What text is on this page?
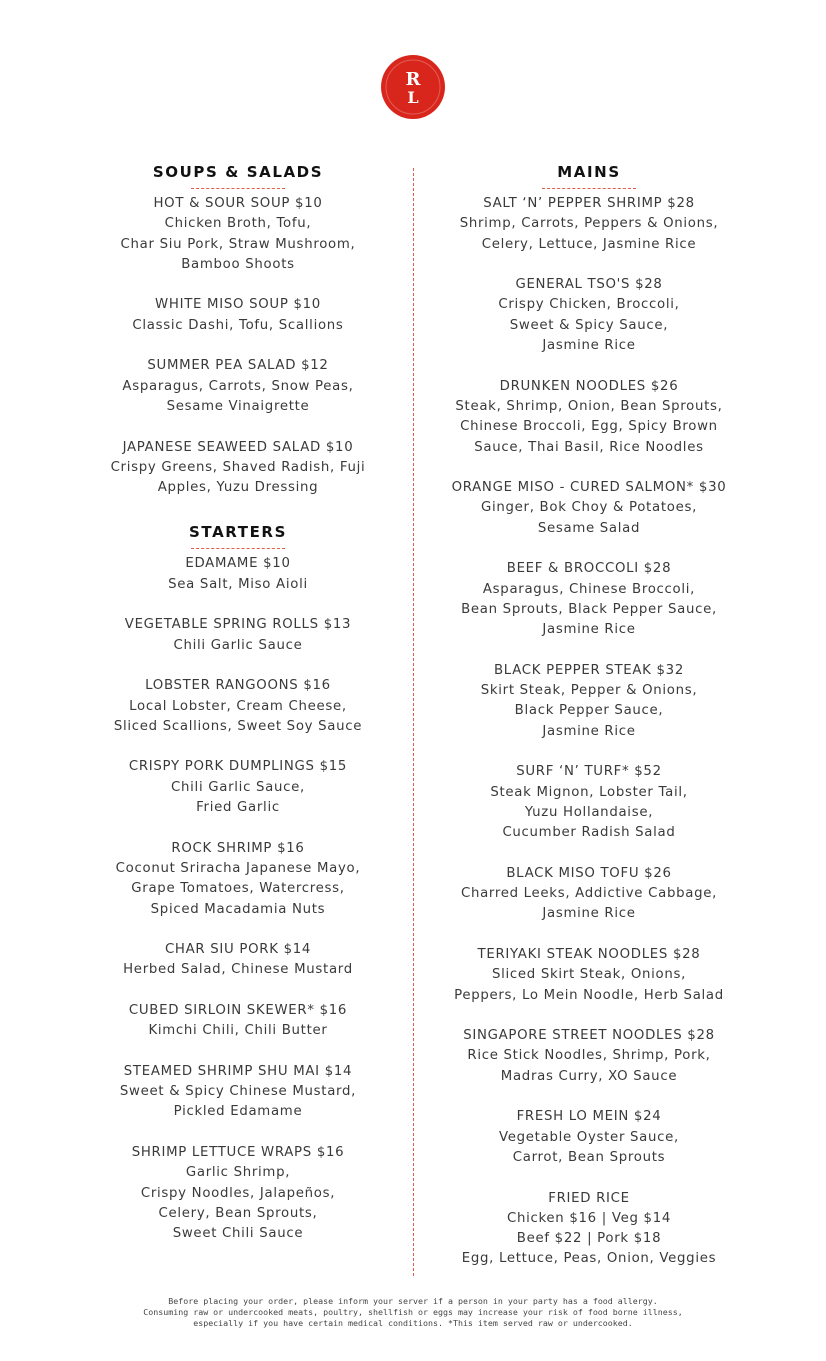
R
L
SOUPS & SALADS
HOT & SOUR SOUP $10
Chicken Broth, Tofu,
Char Siu Pork, Straw Mushroom,
Bamboo Shoots
WHITE MISO SOUP $10
Classic Dashi, Tofu, Scallions
SUMMER PEA SALAD $12
Asparagus, Carrots, Snow Peas,
Sesame Vinaigrette
JAPANESE SEAWEED SALAD $10
Crispy Greens, Shaved Radish, Fuji
Apples, Yuzu Dressing
STARTERS
EDAMAME $10
Sea Salt, Miso Aioli
VEGETABLE SPRING ROLLS $13
Chili Garlic Sauce
LOBSTER RANGOONS $16
Local Lobster, Cream Cheese,
Sliced Scallions, Sweet Soy Sauce
CRISPY PORK DUMPLINGS $15
Chili Garlic Sauce,
Fried Garlic
ROCK SHRIMP $16
Coconut Sriracha Japanese Mayo,
Grape Tomatoes, Watercress,
Spiced Macadamia Nuts
CHAR SIU PORK $14
Herbed Salad, Chinese Mustard
CUBED SIRLOIN SKEWER* $16
Kimchi Chili, Chili Butter
STEAMED SHRIMP SHU MAI $14
Sweet & Spicy Chinese Mustard,
Pickled Edamame
SHRIMP LETTUCE WRAPS $16
Garlic Shrimp,
Crispy Noodles, Jalapeños,
Celery, Bean Sprouts,
Sweet Chili Sauce
MAINS
SALT ‘N’ PEPPER SHRIMP $28
Shrimp, Carrots, Peppers & Onions,
Celery, Lettuce, Jasmine Rice
GENERAL TSO'S $28
Crispy Chicken, Broccoli,
Sweet & Spicy Sauce,
Jasmine Rice
DRUNKEN NOODLES $26
Steak, Shrimp, Onion, Bean Sprouts,
Chinese Broccoli, Egg, Spicy Brown
Sauce, Thai Basil, Rice Noodles
ORANGE MISO - CURED SALMON* $30
Ginger, Bok Choy & Potatoes,
Sesame Salad
BEEF & BROCCOLI $28
Asparagus, Chinese Broccoli,
Bean Sprouts, Black Pepper Sauce,
Jasmine Rice
BLACK PEPPER STEAK $32
Skirt Steak, Pepper & Onions,
Black Pepper Sauce,
Jasmine Rice
SURF ‘N’ TURF* $52
Steak Mignon, Lobster Tail,
Yuzu Hollandaise,
Cucumber Radish Salad
BLACK MISO TOFU $26
Charred Leeks, Addictive Cabbage,
Jasmine Rice
TERIYAKI STEAK NOODLES $28
Sliced Skirt Steak, Onions,
Peppers, Lo Mein Noodle, Herb Salad
SINGAPORE STREET NOODLES $28
Rice Stick Noodles, Shrimp, Pork,
Madras Curry, XO Sauce
FRESH LO MEIN $24
Vegetable Oyster Sauce,
Carrot, Bean Sprouts
FRIED RICE
Chicken $16 | Veg $14
Beef $22 | Pork $18
Egg, Lettuce, Peas, Onion, Veggies
Before placing your order, please inform your server if a person in your party has a food allergy.
Consuming raw or undercooked meats, poultry, shellfish or eggs may increase your risk of food borne illness,
especially if you have certain medical conditions. *This item served raw or undercooked.
